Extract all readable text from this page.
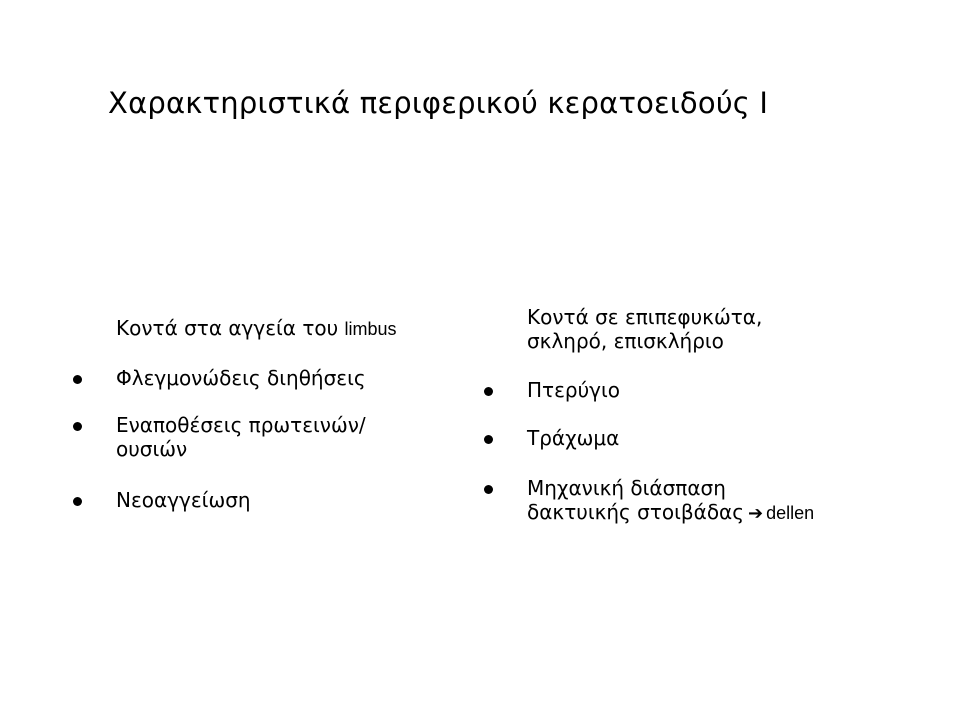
Χαρακτηριστικά περιφερικού κερατοειδούς Ι
Κοντά στα αγγεία του limbus
Φλεγμονώδεις διηθήσεις
Εναποθέσεις πρωτεινών/
ουσιών
Νεοαγγείωση
Κοντά σε επιπεφυκώτα,
σκληρό, επισκλήριο
Πτερύγιο
Τράχωμα
Μηχανική διάσπαση
δακτυικής στοιβάδας ➔ dellen
